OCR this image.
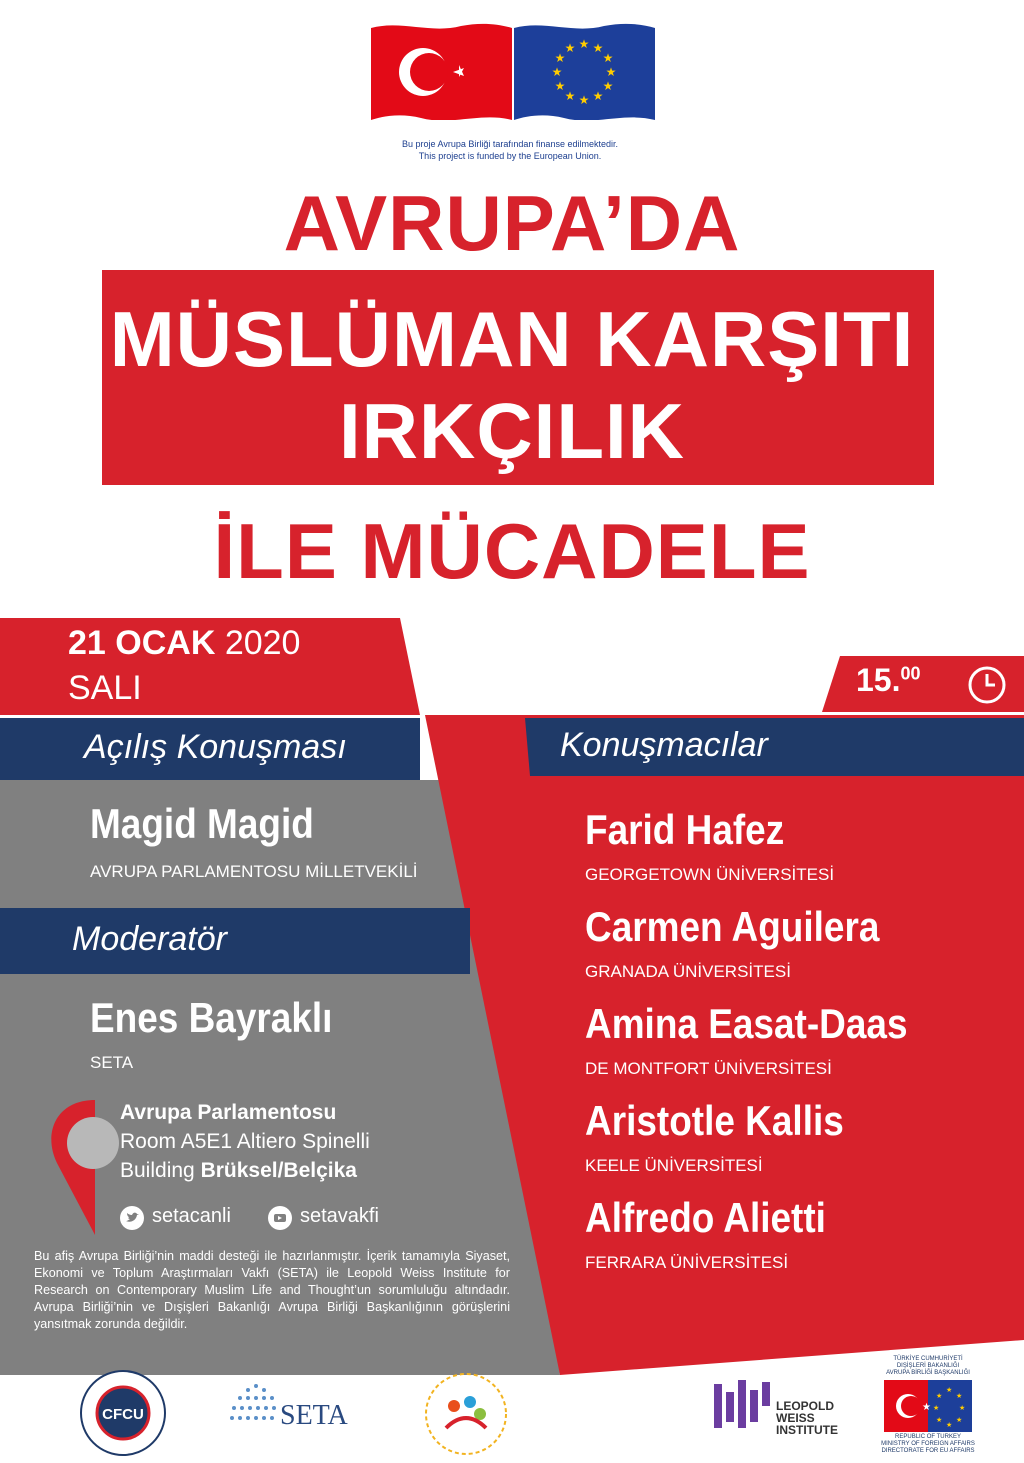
★ ★
★
★
★
★
★
★
★
★
★
★
Bu proje Avrupa Birliği tarafından finanse edilmektedir.
This project is funded by the European Union.
AVRUPA’DA
MÜSLÜMAN KARŞITI
IRKÇILIK
İLE MÜCADELE
21 OCAK 2020
SALI	15.00
Açılış Konuşması	Konuşmacılar
Moderatör
Magid Magid
AVRUPA PARLAMENTOSU MİLLETVEKİLİ
Enes Bayraklı
SETA
Farid Hafez
GEORGETOWN ÜNİVERSİTESİ
Carmen Aguilera
GRANADA ÜNİVERSİTESİ
Amina Easat-Daas
DE MONTFORT ÜNİVERSİTESİ
Aristotle Kallis
KEELE ÜNİVERSİTESİ
Alfredo Alietti
FERRARA ÜNİVERSİTESİ
Avrupa Parlamentosu
Room A5E1 Altiero Spinelli
Building Brüksel/Belçika
setacanli	setavakfi
Bu afiş Avrupa Birliği’nin maddi desteği ile hazırlanmıştır. İçerik tamamıyla Siyaset, Ekonomi ve Toplum Araştırmaları Vakfı (SETA) ile Leopold Weiss Institute for Research on Contemporary Muslim Life and Thought’un sorumluluğu altındadır. Avrupa Birliği’nin ve Dışişleri Bakanlığı Avrupa Birliği Başkanlığının görüşlerini yansıtmak zorunda değildir.
CFCU	SETA	LEOPOLD
WEISS
INSTITUTE
TÜRKİYE CUMHURİYETİ
DIŞİŞLERİ BAKANLIĞI
AVRUPA BİRLİĞİ BAŞKANLIĞI
★
★
★
★
★
★
★
★
★
REPUBLIC OF TURKEY
MINISTRY OF FOREIGN AFFAIRS
DIRECTORATE FOR EU AFFAIRS
